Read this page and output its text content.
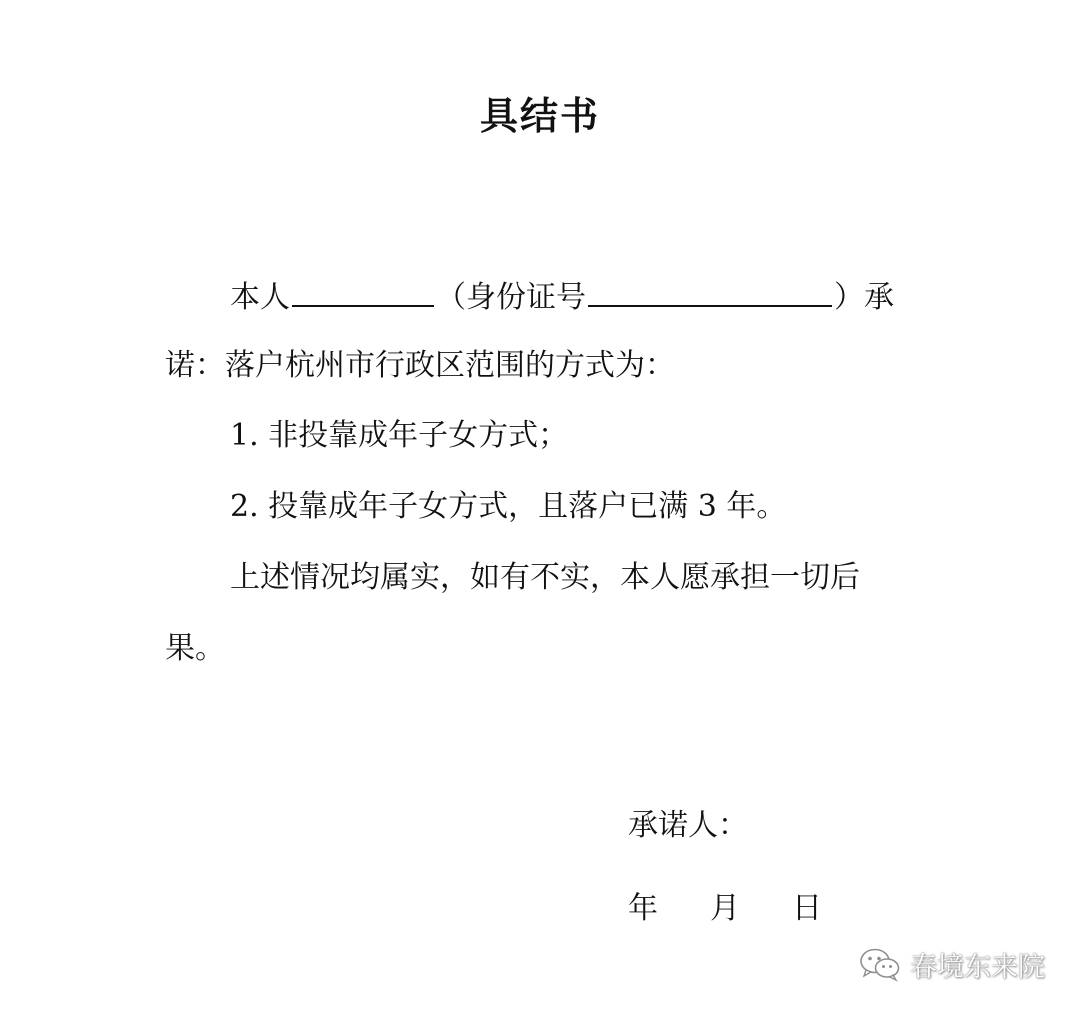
具结书
本人	（身份证号	）承
诺：落户杭州市行政区范围的方式为：
1. 非投靠成年子女方式；
2. 投靠成年子女方式，且落户已满 3 年。
上述情况均属实，如有不实，本人愿承担一切后
果。
承诺人：
年 月 日
春境东来院
